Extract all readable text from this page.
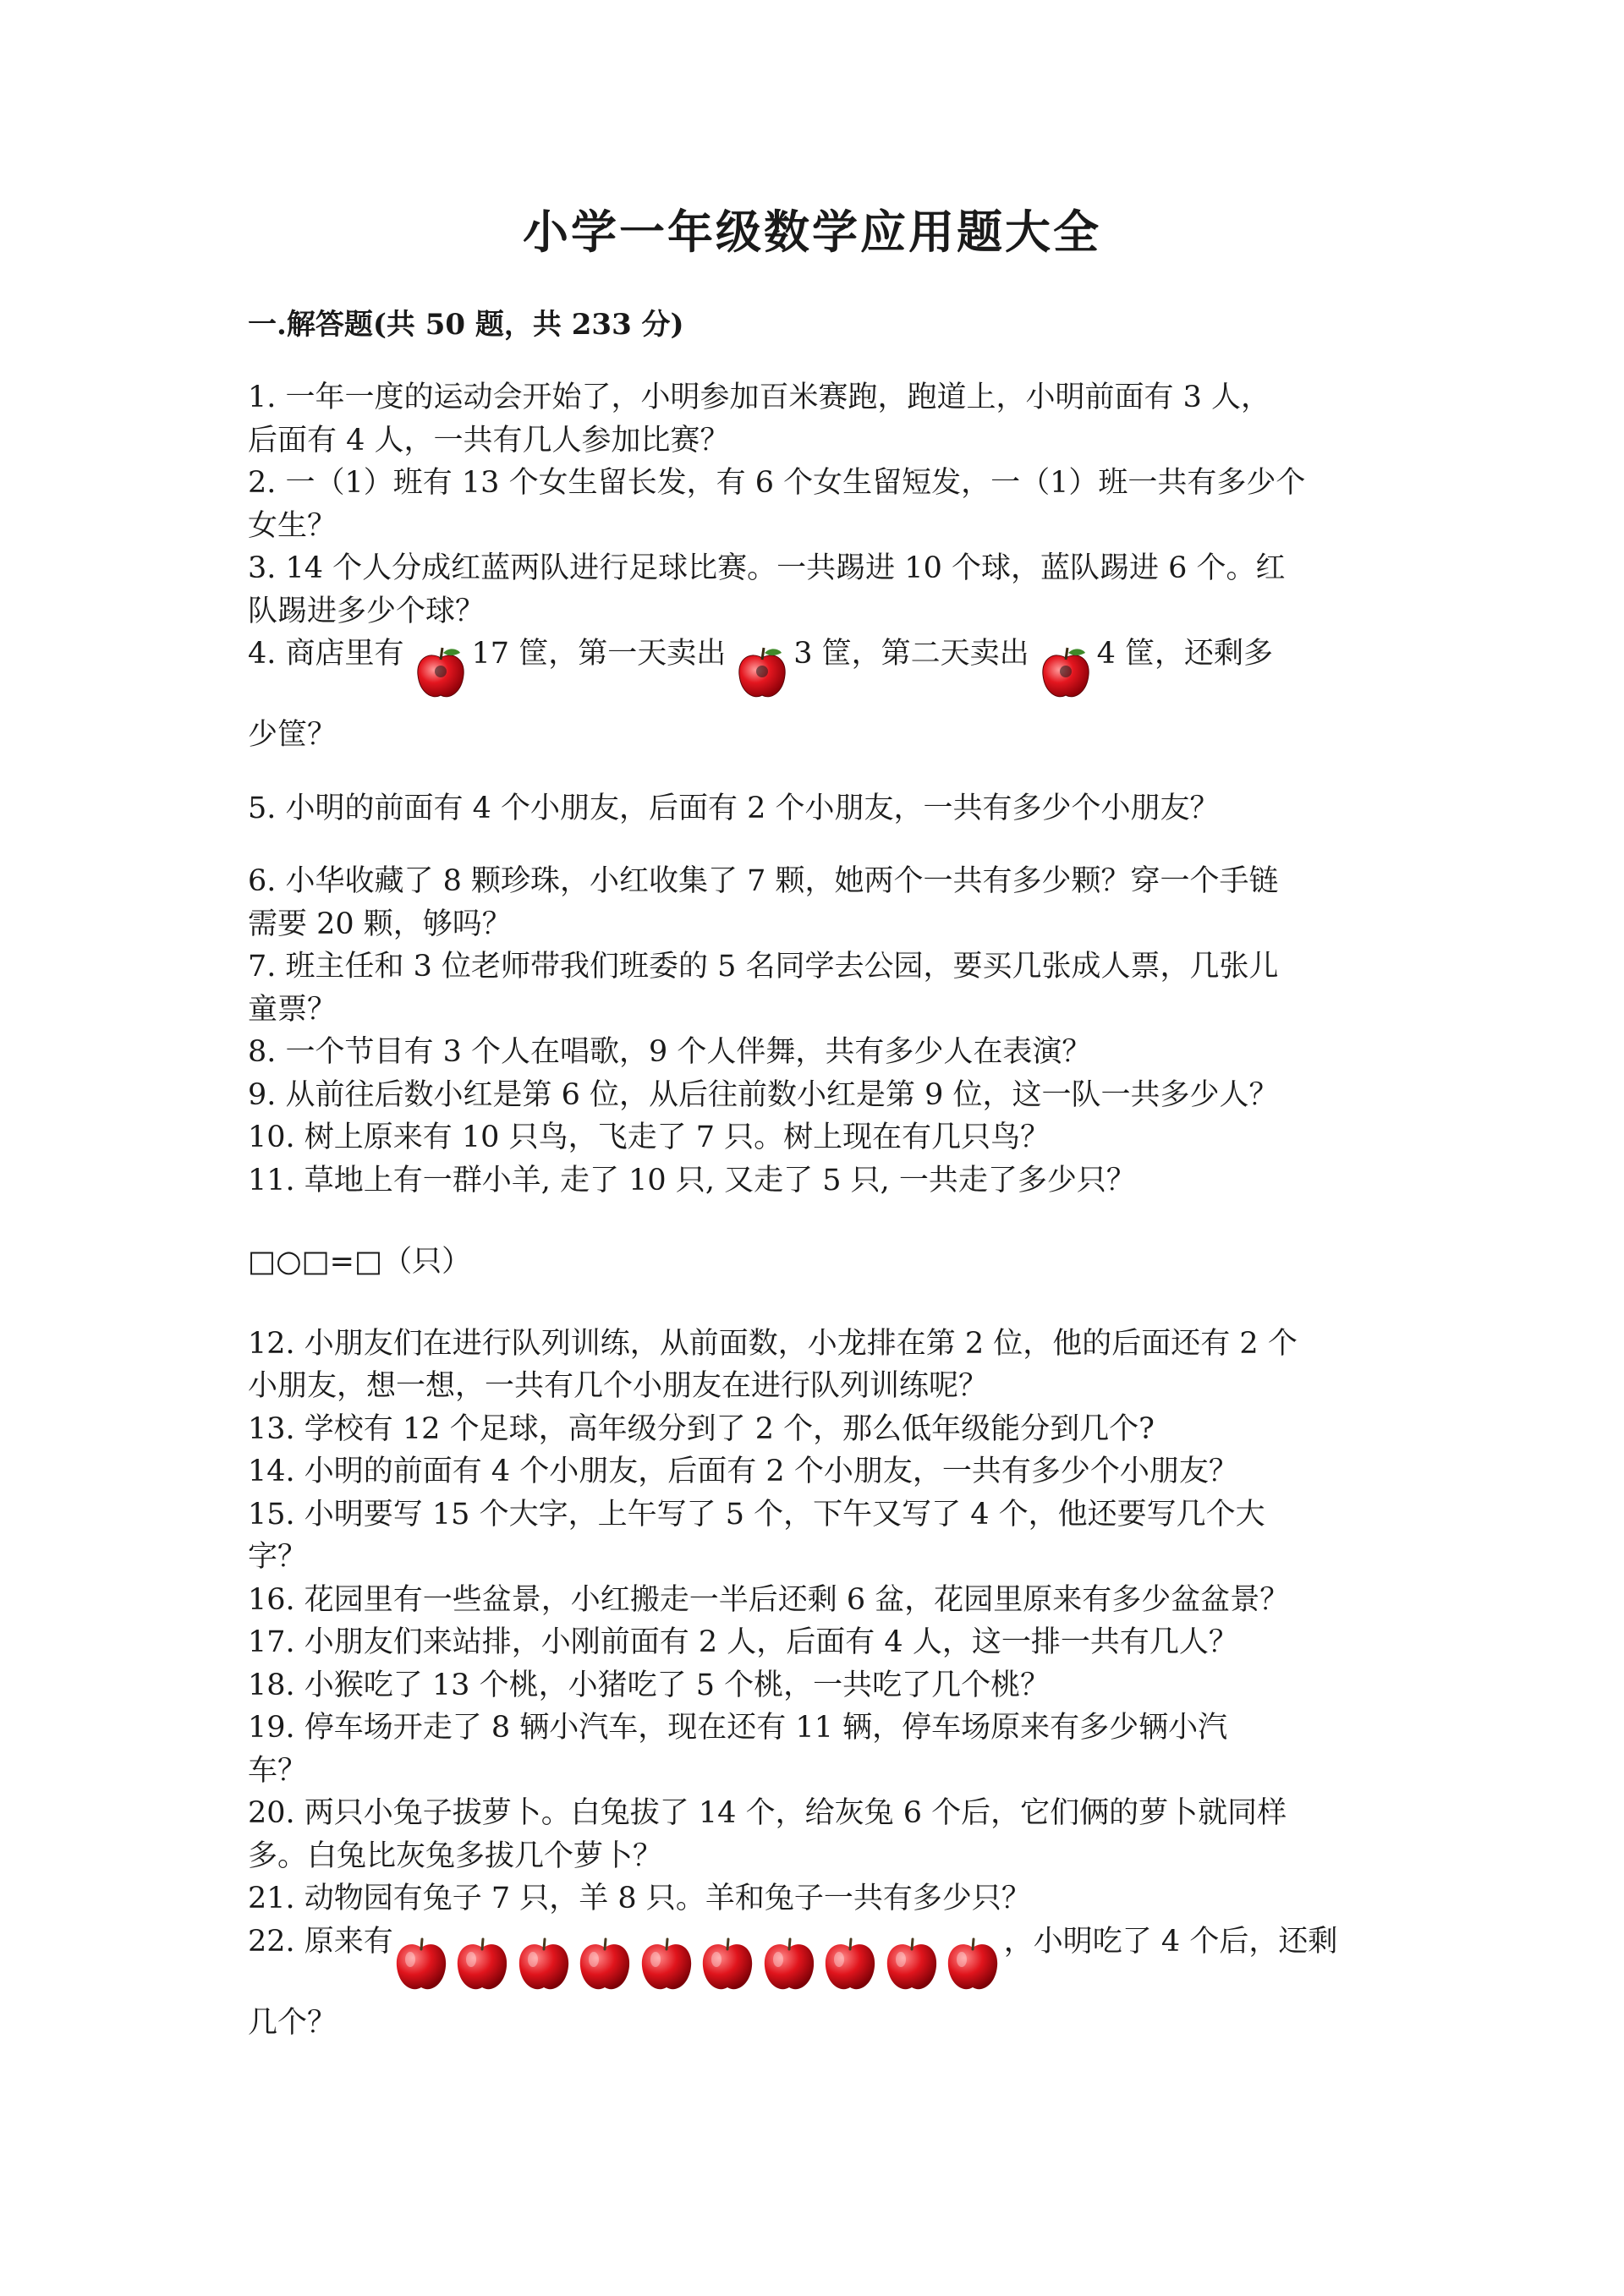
小学一年级数学应用题大全
一.解答题(共 50 题，共 233 分)
1. 一年一度的运动会开始了，小明参加百米赛跑，跑道上，小明前面有 3 人，
后面有 4 人，一共有几人参加比赛？
2. 一（1）班有 13 个女生留长发，有 6 个女生留短发，一（1）班一共有多少个
女生？
3. 14 个人分成红蓝两队进行足球比赛。一共踢进 10 个球，蓝队踢进 6 个。红
队踢进多少个球？
4. 商店里有 17 筐，第一天卖出 3 筐，第二天卖出 4 筐，还剩多
少筐？
5. 小明的前面有 4 个小朋友，后面有 2 个小朋友，一共有多少个小朋友？
6. 小华收藏了 8 颗珍珠，小红收集了 7 颗，她两个一共有多少颗？穿一个手链
需要 20 颗，够吗？
7. 班主任和 3 位老师带我们班委的 5 名同学去公园，要买几张成人票，几张儿
童票？
8. 一个节目有 3 个人在唱歌，9 个人伴舞，共有多少人在表演？
9. 从前往后数小红是第 6 位，从后往前数小红是第 9 位，这一队一共多少人？
10. 树上原来有 10 只鸟，飞走了 7 只。树上现在有几只鸟？
11. 草地上有一群小羊, 走了 10 只, 又走了 5 只, 一共走了多少只？
□○□=□（只）
12. 小朋友们在进行队列训练，从前面数，小龙排在第 2 位，他的后面还有 2 个
小朋友，想一想，一共有几个小朋友在进行队列训练呢？
13. 学校有 12 个足球，高年级分到了 2 个，那么低年级能分到几个?
14. 小明的前面有 4 个小朋友，后面有 2 个小朋友，一共有多少个小朋友？
15. 小明要写 15 个大字，上午写了 5 个，下午又写了 4 个，他还要写几个大
字？
16. 花园里有一些盆景，小红搬走一半后还剩 6 盆，花园里原来有多少盆盆景？
17. 小朋友们来站排，小刚前面有 2 人，后面有 4 人，这一排一共有几人？
18. 小猴吃了 13 个桃，小猪吃了 5 个桃，一共吃了几个桃？
19. 停车场开走了 8 辆小汽车，现在还有 11 辆，停车场原来有多少辆小汽
车？
20. 两只小兔子拔萝卜。白兔拔了 14 个，给灰兔 6 个后，它们俩的萝卜就同样
多。白兔比灰兔多拔几个萝卜？
21. 动物园有兔子 7 只，羊 8 只。羊和兔子一共有多少只？
22. 原来有	，小明吃了 4 个后，还剩
几个？
